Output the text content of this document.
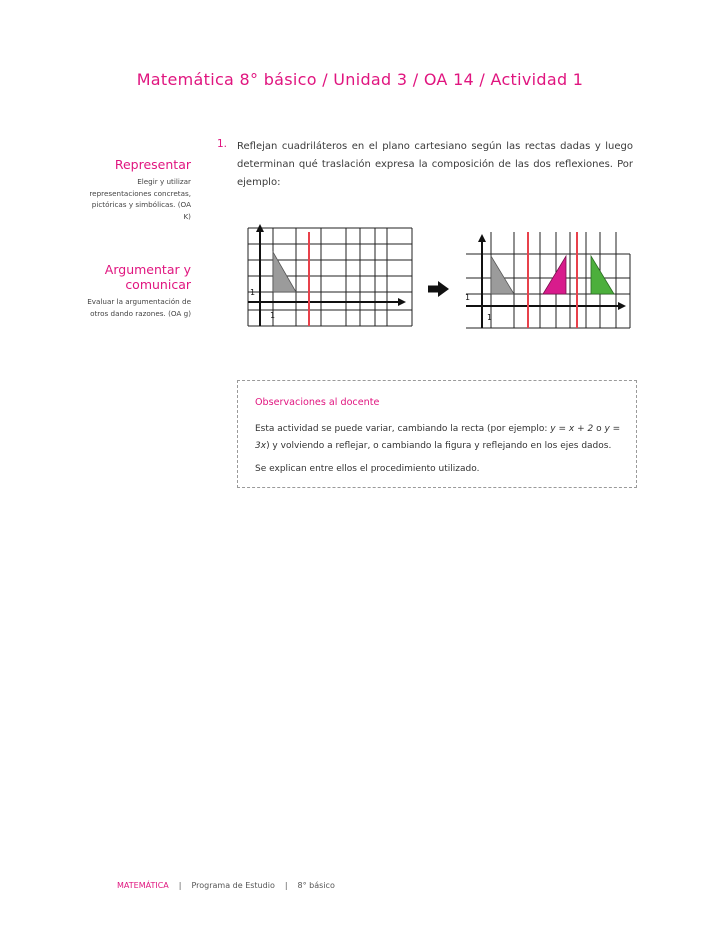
Matemática 8° básico / Unidad 3 / OA 14 / Actividad 1
Representar
Elegir y utilizar representaciones concretas, pictóricas y simbólicas. (OA K)
Argumentar y comunicar
Evaluar la argumentación de otros dando razones. (OA g)
1. Reflejan cuadriláteros en el plano cartesiano según las rectas dadas y luego determinan qué traslación expresa la composición de las dos reflexiones. Por ejemplo:
1
1
1
1
Observaciones al docente
Esta actividad se puede variar, cambiando la recta (por ejemplo: y = x + 2 o y = 3x) y volviendo a reflejar, o cambiando la figura y reflejando en los ejes dados.
Se explican entre ellos el procedimiento utilizado.
MATEMÁTICA | Programa de Estudio | 8° básico
